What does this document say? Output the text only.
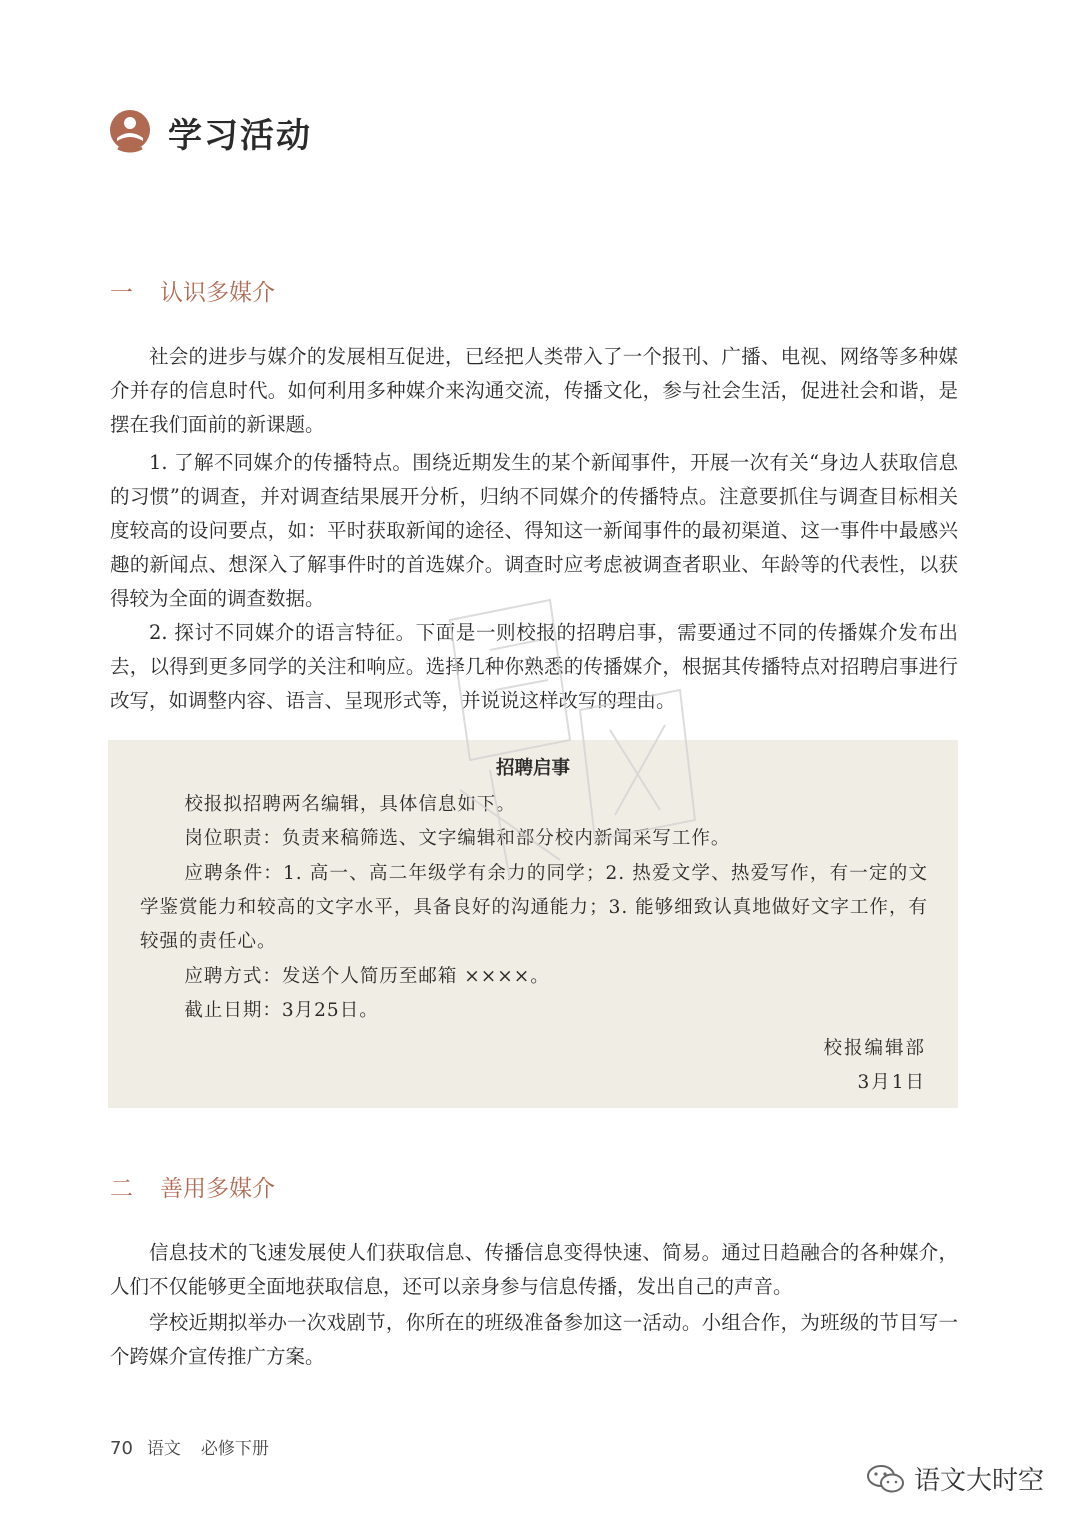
学习活动
一 认识多媒介

社会的进步与媒介的发展相互促进，已经把人类带入了一个报刊、广播、电视、网络等多种媒介并存的信息时代。如何利用多种媒介来沟通交流，传播文化，参与社会生活，促进社会和谐，是摆在我们面前的新课题。

1. 了解不同媒介的传播特点。围绕近期发生的某个新闻事件，开展一次有关“身边人获取信息的习惯”的调查，并对调查结果展开分析，归纳不同媒介的传播特点。注意要抓住与调查目标相关度较高的设问要点，如：平时获取新闻的途径、得知这一新闻事件的最初渠道、这一事件中最感兴趣的新闻点、想深入了解事件时的首选媒介。调查时应考虑被调查者职业、年龄等的代表性，以获得较为全面的调查数据。

2. 探讨不同媒介的语言特征。下面是一则校报的招聘启事，需要通过不同的传播媒介发布出去，以得到更多同学的关注和响应。选择几种你熟悉的传播媒介，根据其传播特点对招聘启事进行改写，如调整内容、语言、呈现形式等，并说说这样改写的理由。

招聘启事

校报拟招聘两名编辑，具体信息如下。

岗位职责：负责来稿筛选、文字编辑和部分校内新闻采写工作。

应聘条件：1. 高一、高二年级学有余力的同学；2. 热爱文学、热爱写作，有一定的文学鉴赏能力和较高的文字水平，具备良好的沟通能力；3. 能够细致认真地做好文字工作，有较强的责任心。

应聘方式：发送个人简历至邮箱 ××××。

截止日期：3月25日。

校报编辑部
3月1日
二 善用多媒介

信息技术的飞速发展使人们获取信息、传播信息变得快速、简易。通过日趋融合的各种媒介，人们不仅能够更全面地获取信息，还可以亲身参与信息传播，发出自己的声音。

学校近期拟举办一次戏剧节，你所在的班级准备参加这一活动。小组合作，为班级的节目写一个跨媒介宣传推广方案。

70 语文 必修下册
语文大时空
